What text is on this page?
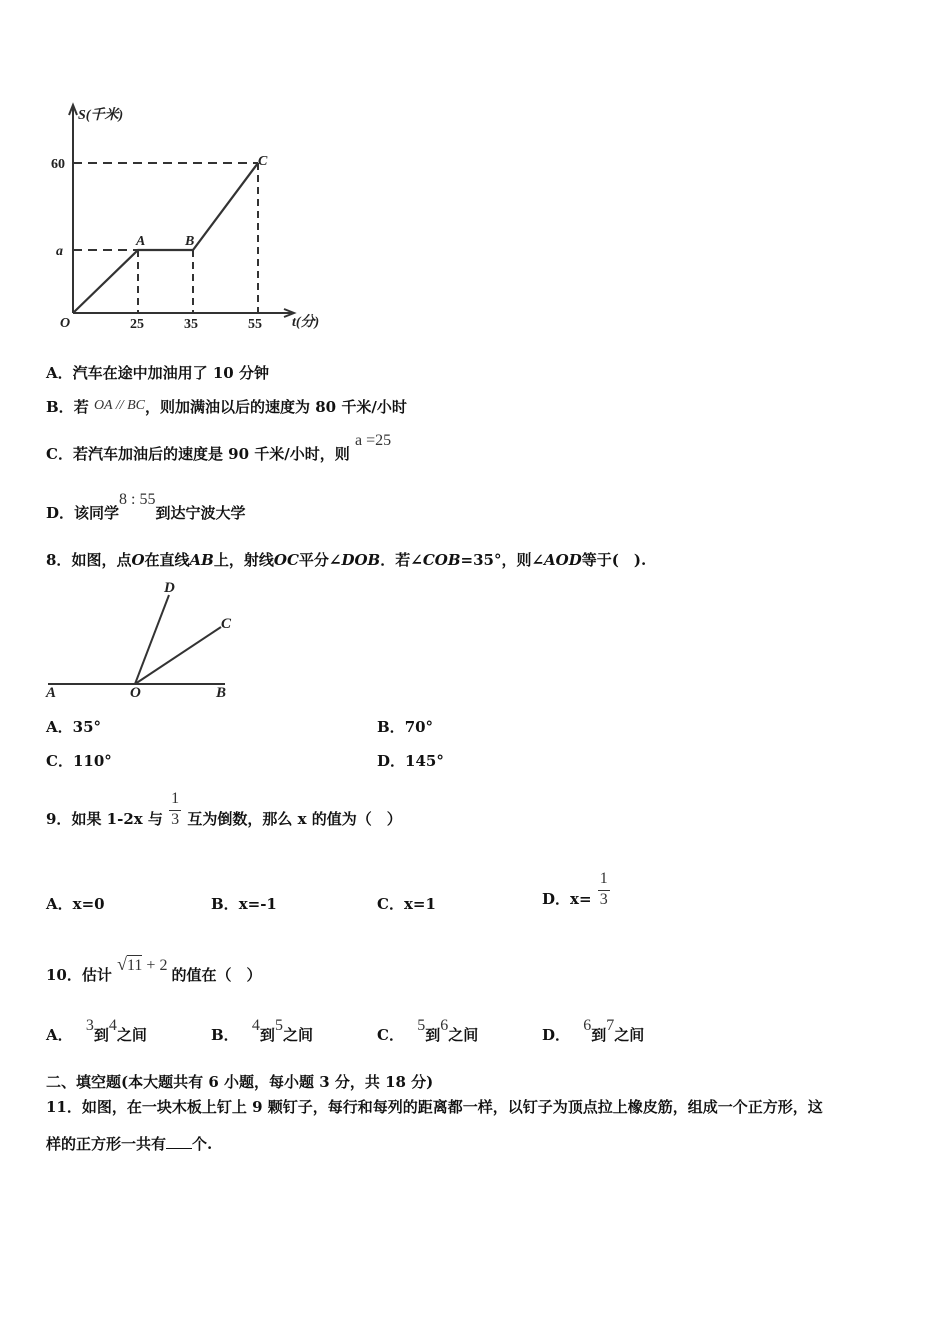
S(千米)
60
a
O	25	35	55 t(分)
A	B
C
A．汽车在途中加油用了 10 分钟
B．若 OA // BC，则加满油以后的速度为 80 千米/小时
C．若汽车加油后的速度是 90 千米/小时，则 a =25
D．该同学8 : 55到达宁波大学
8．如图，点O在直线AB上，射线OC平分∠DOB．若∠COB=35°，则∠AOD等于(　).
A	O	B
C
D
A．35°	B．70°
C．110°	D．145°
9．如果 1-2x 与 $\frac{1}{3}$ 互为倒数，那么 x 的值为（　）
A．x=0	B．x=-1	C．x=1	D．$x= \frac{1}{3}$
10．估计 √11 + 2 的值在（　）
A． 3到4之间	B． 4到5之间	C． 5到6之间	D． 6到7之间
二、填空题(本大题共有 6 小题，每小题 3 分，共 18 分)
11．如图，在一块木板上钉上 9 颗钉子，每行和每列的距离都一样，以钉子为顶点拉上橡皮筋，组成一个正方形，这
样的正方形一共有 个.
